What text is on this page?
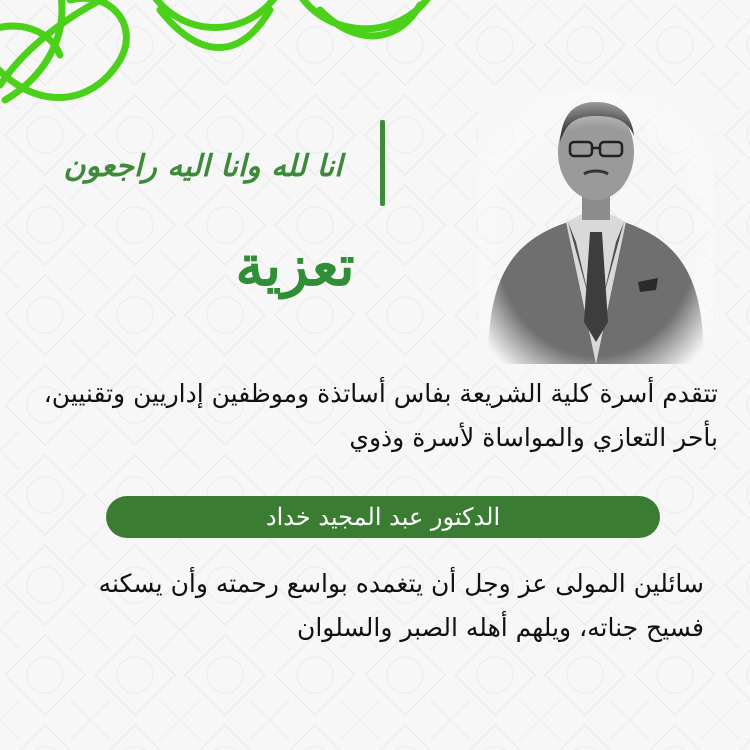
انا لله وانا اليه راجعون
تعزية
تتقدم أسرة كلية الشريعة بفاس أساتذة وموظفين إداريين وتقنيين، بأحر التعازي والمواساة لأسرة وذوي
الدكتور عبد المجيد خداد
سائلين المولى عز وجل أن يتغمده بواسع رحمته وأن يسكنه فسيح جناته، ويلهم أهله الصبر والسلوان
